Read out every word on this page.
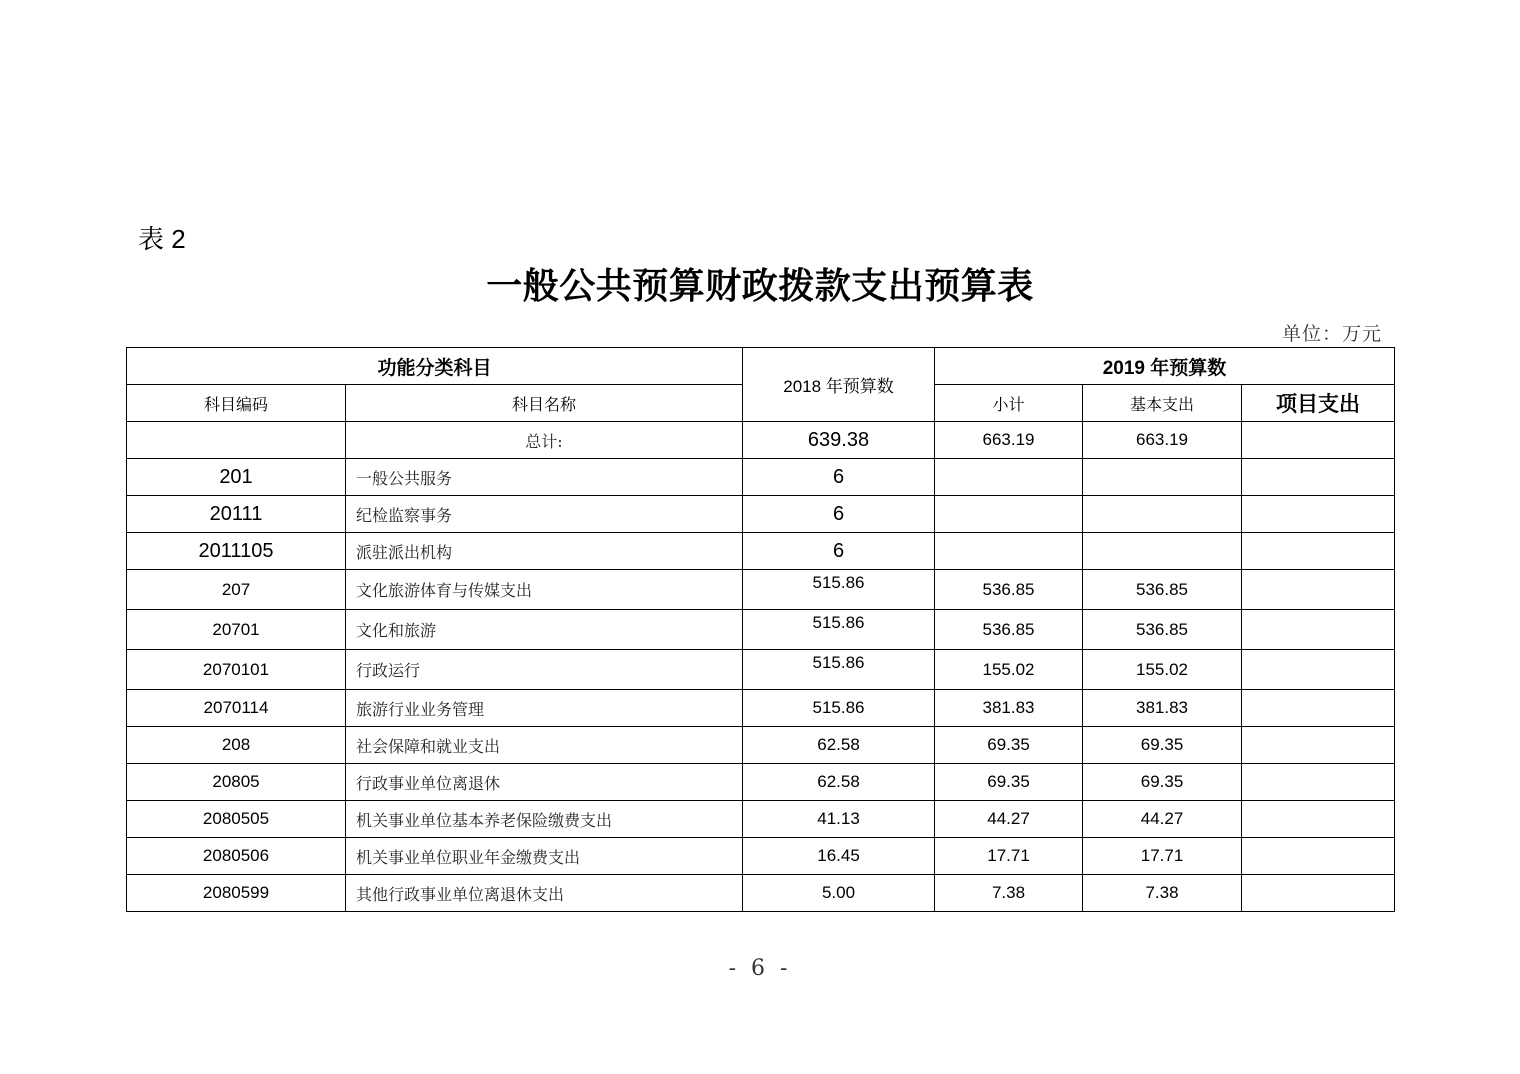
表 2
一般公共预算财政拨款支出预算表
单位：万元
功能分类科目		2018 年预算数	2019 年预算数		
科目编码	科目名称		小计	基本支出	项目支出
	总计:	639.38	663.19	663.19	
201	一般公共服务	6			
20111	纪检监察事务	6			
2011105	派驻派出机构	6			
207	文化旅游体育与传媒支出	515.86	536.85	536.85	
20701	文化和旅游	515.86	536.85	536.85	
2070101	行政运行	515.86	155.02	155.02	
2070114	旅游行业业务管理	515.86	381.83	381.83	
208	社会保障和就业支出	62.58	69.35	69.35	
20805	行政事业单位离退休	62.58	69.35	69.35	
2080505	机关事业单位基本养老保险缴费支出	41.13	44.27	44.27	
2080506	机关事业单位职业年金缴费支出	16.45	17.71	17.71	
2080599	其他行政事业单位离退休支出	5.00	7.38	7.38	
- 6 -
